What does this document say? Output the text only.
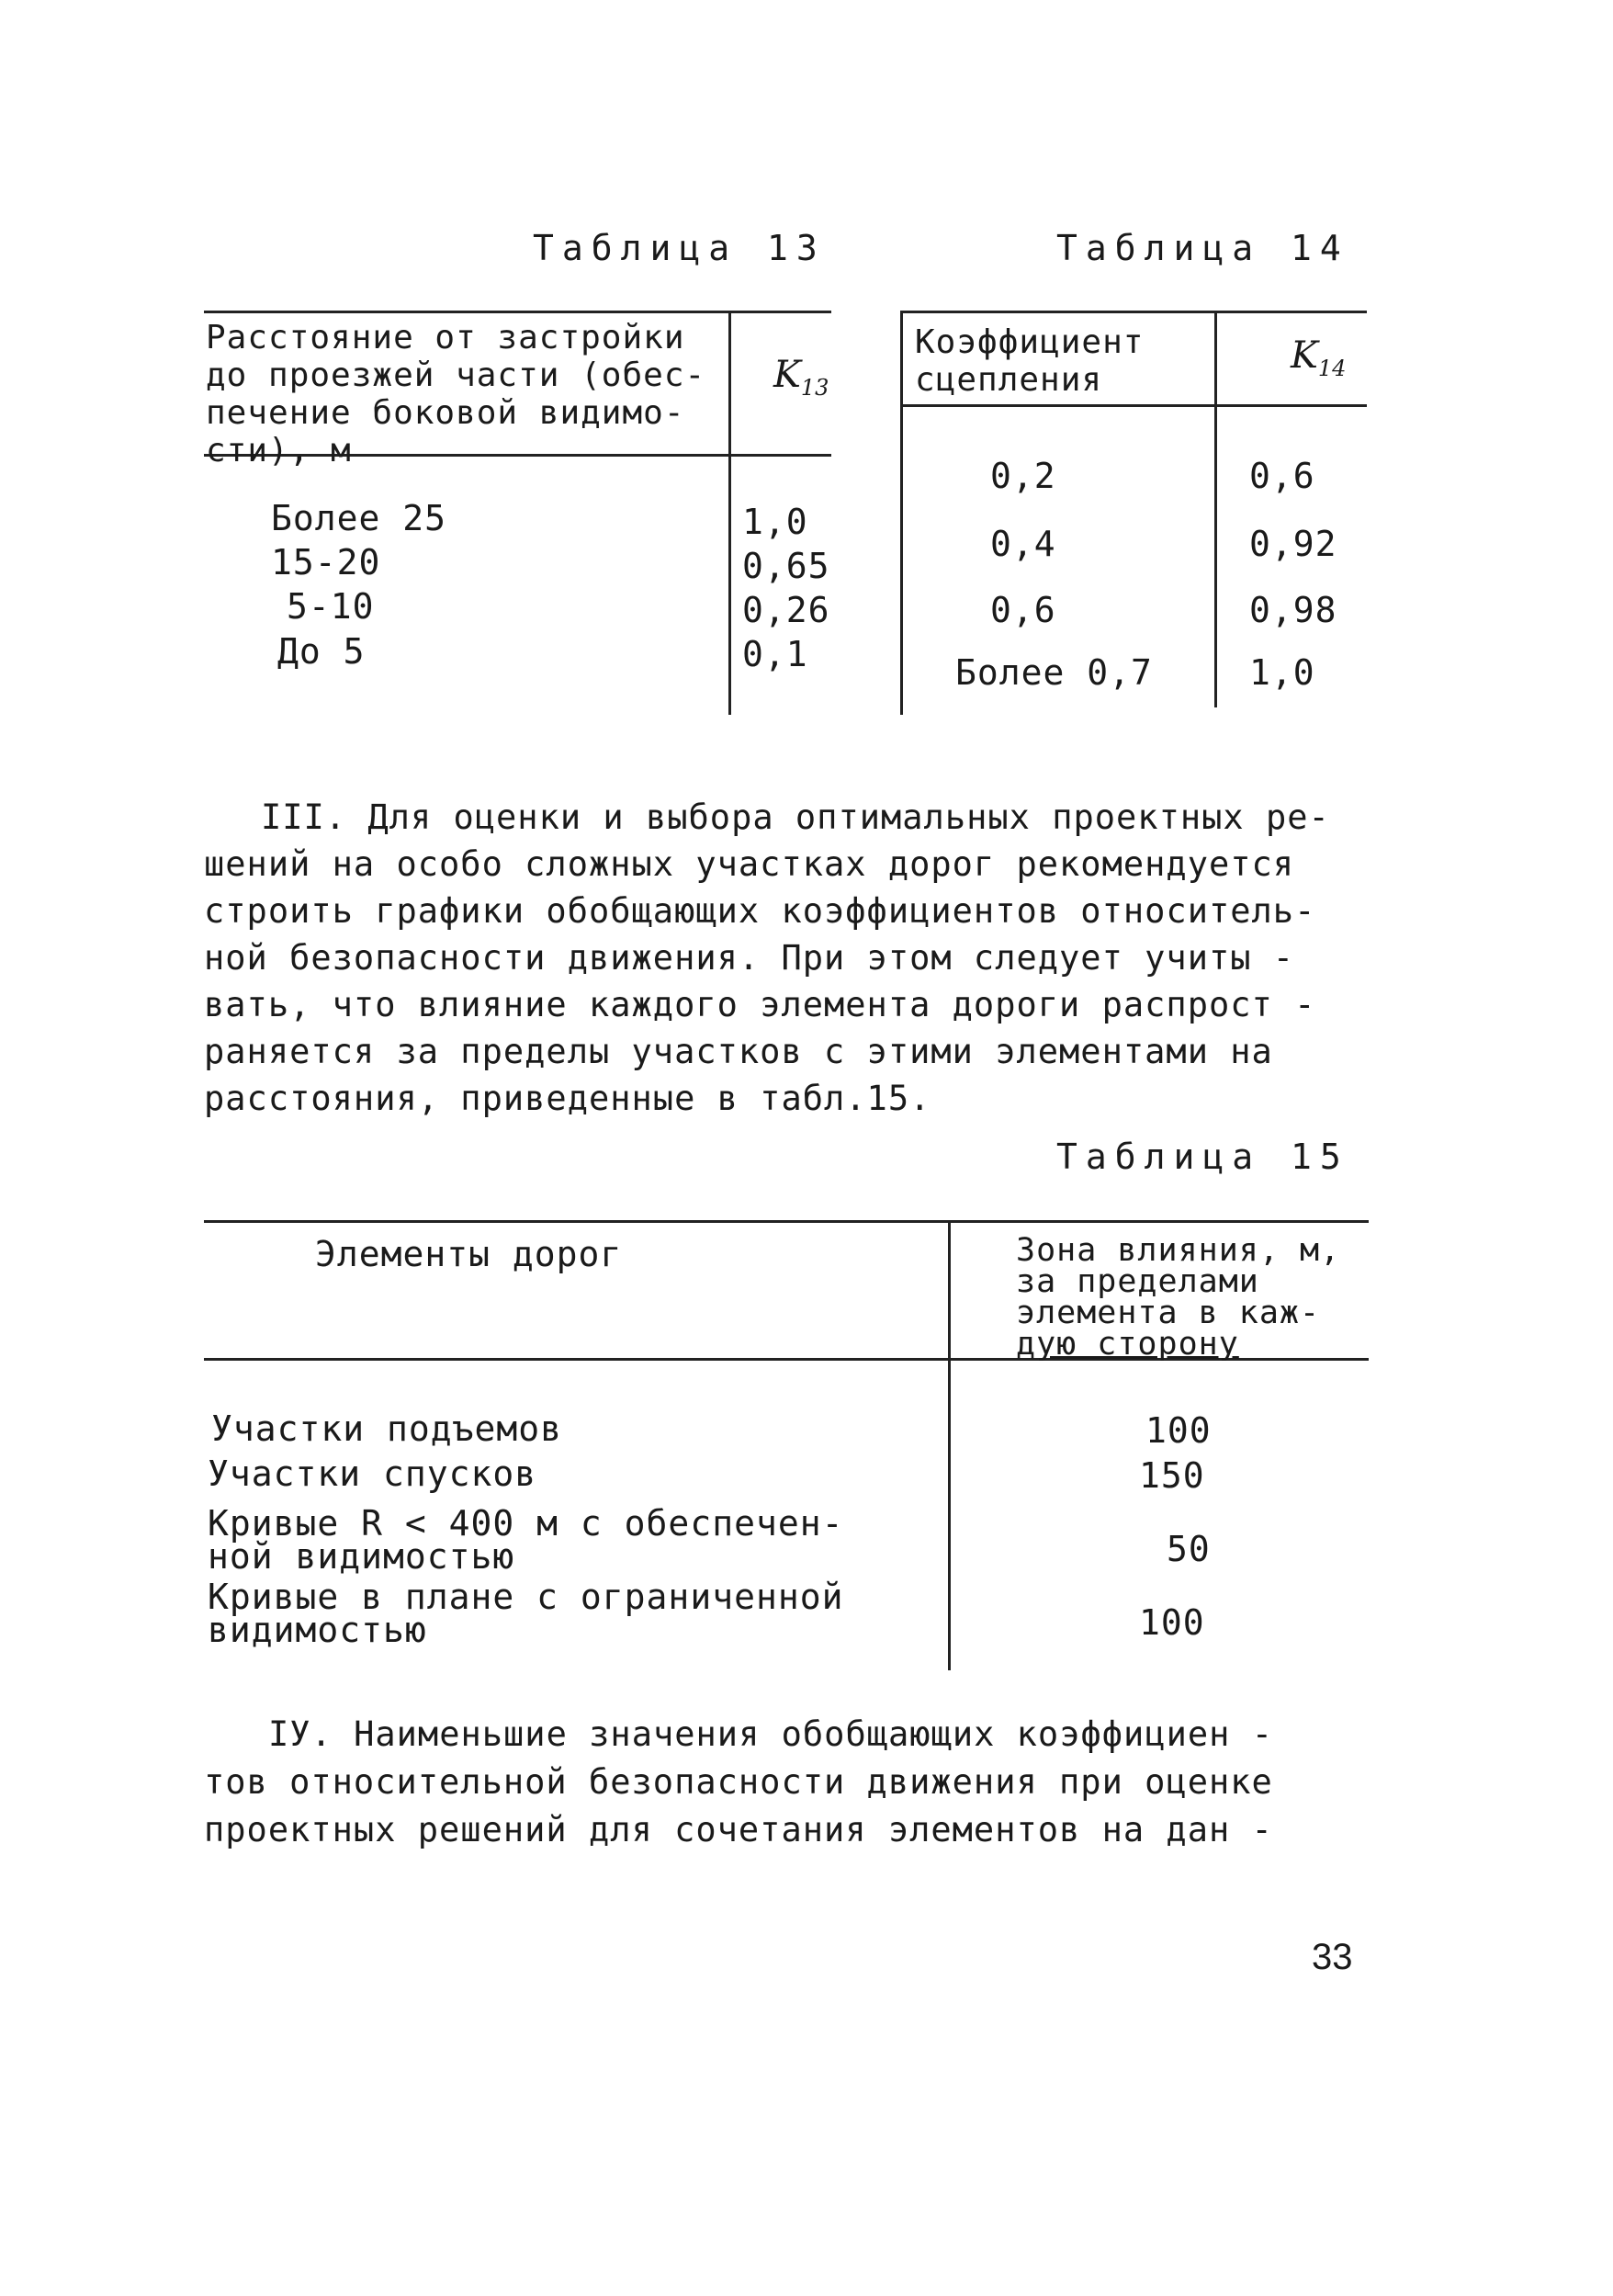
Таблица 13
Расстояние от застройки
до проезжей части (обес-
печение боковой видимо-
сти), м
$K_{13}$
Более 25
15-20
5-10
До 5
1,0
0,65
0,26
0,1
Таблица 14
Коэффициент
сцепления
$K_{14}$
0,2
0,4
0,6
Более 0,7
0,6
0,92
0,98
1,0
III. Для оценки и выбора оптимальных проектных ре-
шений на особо сложных участках дорог рекомендуется
строить графики обобщающих коэффициентов относитель-
ной безопасности движения. При этом следует учиты -
вать, что влияние каждого элемента дороги распрост -
раняется за пределы участков с этими элементами на
расстояния, приведенные в табл.15.
Таблица 15
Элементы дорог	Зона влияния, м,
за пределами
элемента в каж-
дую сторону
Участки подъемов
Участки спусков
Кривые R < 400 м с обеспечен-
ной видимостью
Кривые в плане с ограниченной
видимостью
100
150
50
100
IУ. Наименьшие значения обобщающих коэффициен -
тов относительной безопасности движения при оценке
проектных решений для сочетания элементов на дан -
33
